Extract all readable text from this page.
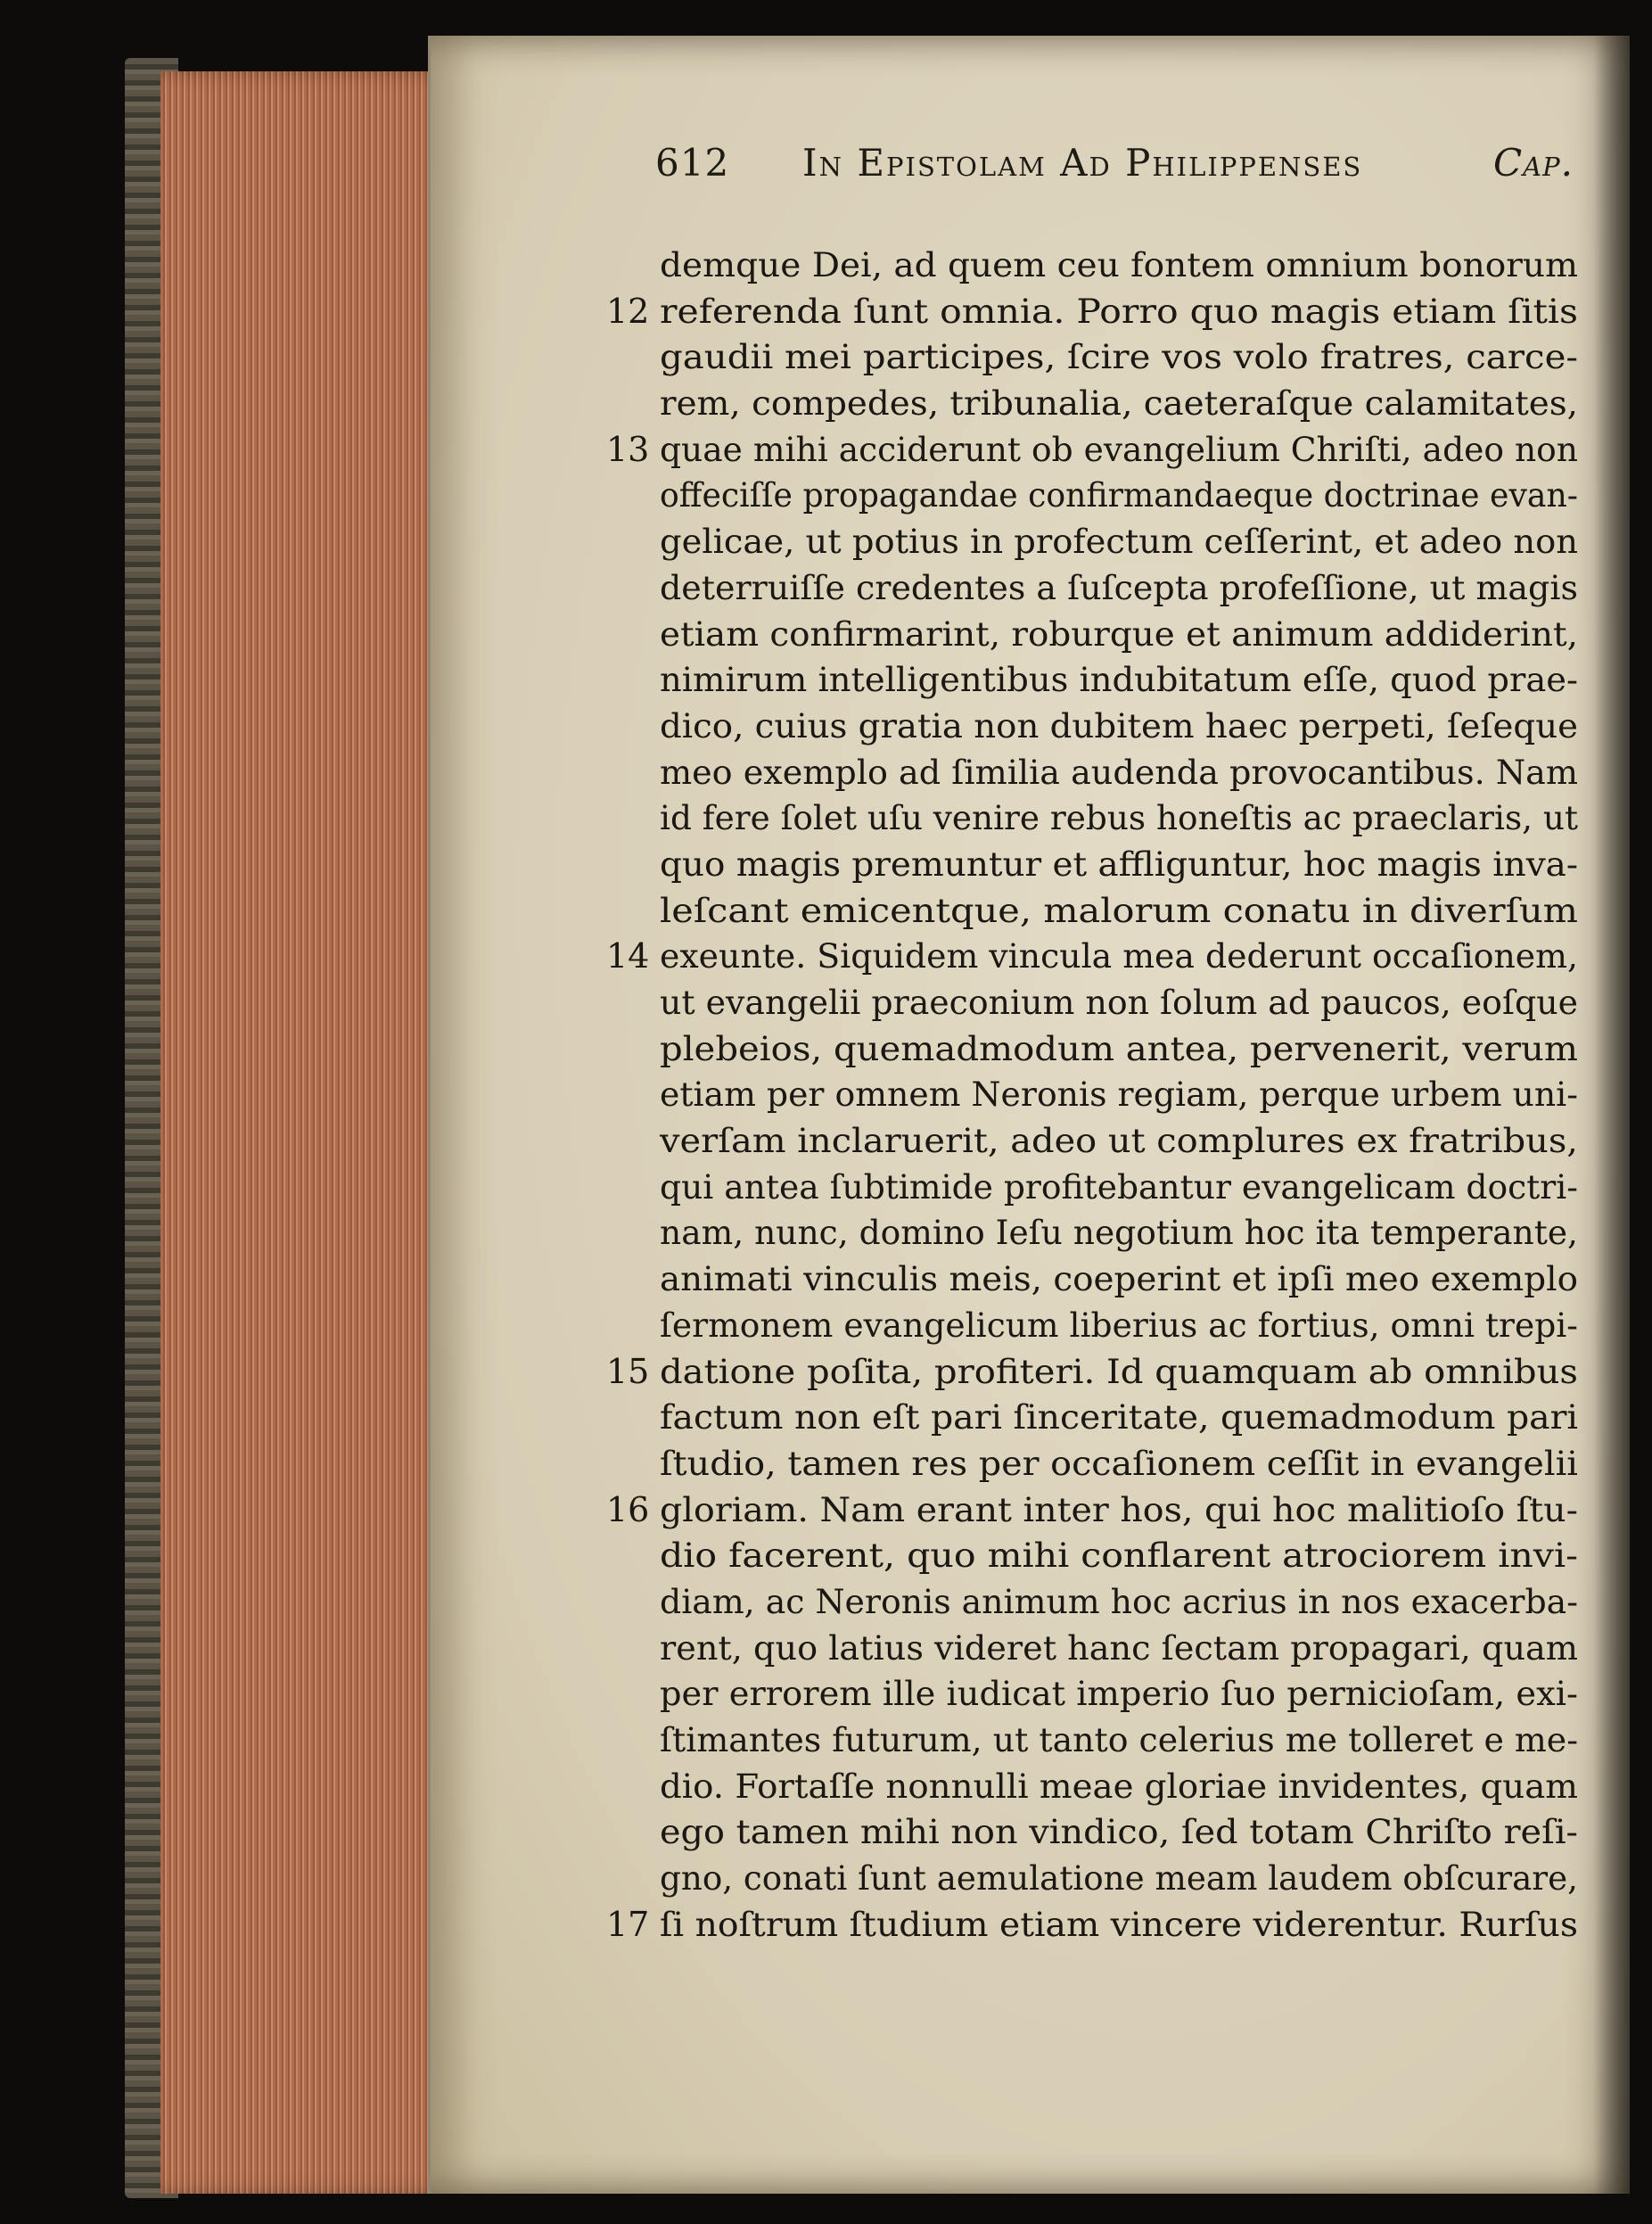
612 In Epistolam Ad Philippenses	Cap.
demque Dei, ad quem ceu fontem omnium bonorum
12 referenda ſunt omnia. Porro quo magis etiam ſitis
gaudii mei participes, ſcire vos volo fratres, carce-
rem, compedes, tribunalia, caeteraſque calamitates,
13 quae mihi acciderunt ob evangelium Chriſti, adeo non
offeciſſe propagandae confirmandaeque doctrinae evan-
gelicae, ut potius in profectum ceſſerint, et adeo non
deterruiſſe credentes a ſuſcepta profeſſione, ut magis
etiam confirmarint, roburque et animum addiderint,
nimirum intelligentibus indubitatum eſſe, quod prae-
dico, cuius gratia non dubitem haec perpeti, ſeſeque
meo exemplo ad ſimilia audenda provocantibus. Nam
id fere ſolet uſu venire rebus honeſtis ac praeclaris, ut
quo magis premuntur et affliguntur, hoc magis inva-
leſcant emicentque, malorum conatu in diverſum
14 exeunte. Siquidem vincula mea dederunt occaſionem,
ut evangelii praeconium non ſolum ad paucos, eoſque
plebeios, quemadmodum antea, pervenerit, verum
etiam per omnem Neronis regiam, perque urbem uni-
verſam inclaruerit, adeo ut complures ex fratribus,
qui antea ſubtimide profitebantur evangelicam doctri-
nam, nunc, domino Ieſu negotium hoc ita temperante,
animati vinculis meis, coeperint et ipſi meo exemplo
ſermonem evangelicum liberius ac fortius, omni trepi-
15 datione poſita, profiteri. Id quamquam ab omnibus
factum non eſt pari ſinceritate, quemadmodum pari
ſtudio, tamen res per occaſionem ceſſit in evangelii
16 gloriam. Nam erant inter hos, qui hoc malitioſo ſtu-
dio facerent, quo mihi conflarent atrociorem invi-
diam, ac Neronis animum hoc acrius in nos exacerba-
rent, quo latius videret hanc ſectam propagari, quam
per errorem ille iudicat imperio ſuo pernicioſam, exi-
ſtimantes futurum, ut tanto celerius me tolleret e me-
dio. Fortaſſe nonnulli meae gloriae invidentes, quam
ego tamen mihi non vindico, ſed totam Chriſto reſi-
gno, conati ſunt aemulatione meam laudem obſcurare,
17 ſi noſtrum ſtudium etiam vincere viderentur. Rurſus
